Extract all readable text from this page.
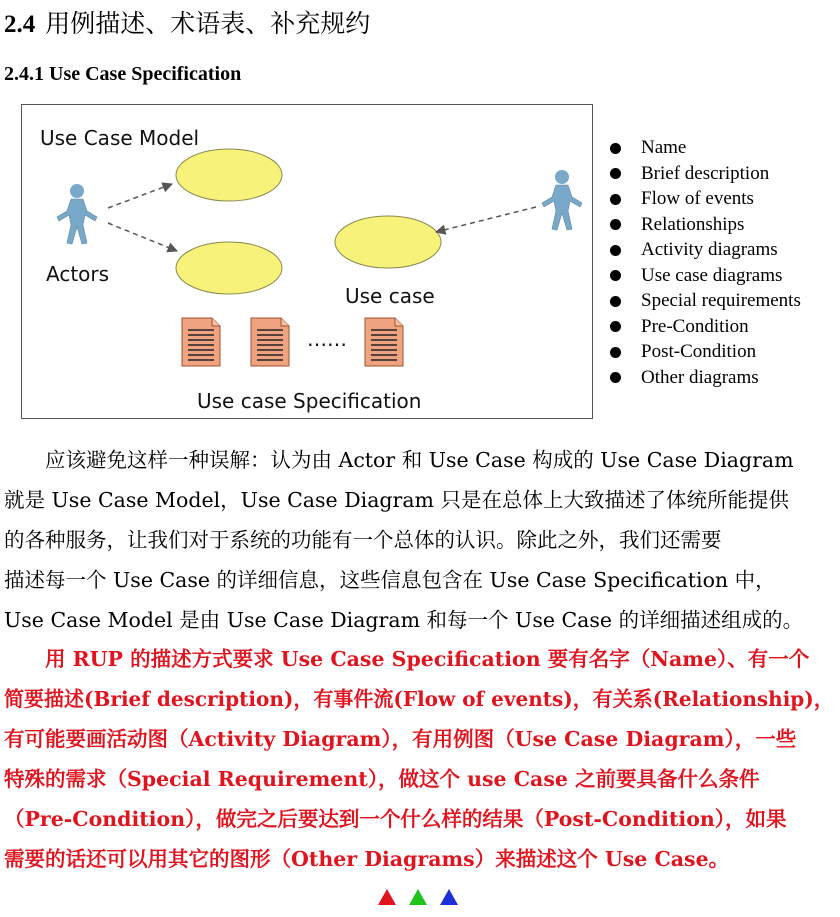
2.4 用例描述、术语表、补充规约
2.4.1 Use Case Specification
Use Case Model
Actors
Use case
……
Use case Specification
Name
Brief description
Flow of events
Relationships
Activity diagrams
Use case diagrams
Special requirements
Pre-Condition
Post-Condition
Other diagrams
　　应该避免这样一种误解：认为由 Actor 和 Use Case 构成的 Use Case Diagram
就是 Use Case Model，Use Case Diagram 只是在总体上大致描述了体统所能提供
的各种服务，让我们对于系统的功能有一个总体的认识。除此之外，我们还需要
描述每一个 Use Case 的详细信息，这些信息包含在 Use Case Specification 中，
Use Case Model 是由 Use Case Diagram 和每一个 Use Case 的详细描述组成的。
　　用 RUP 的描述方式要求 Use Case Specification 要有名字（Name）、有一个
简要描述(Brief description)，有事件流(Flow of events)，有关系(Relationship)，
有可能要画活动图（Activity Diagram），有用例图（Use Case Diagram），一些
特殊的需求（Special Requirement），做这个 use Case 之前要具备什么条件
（Pre-Condition），做完之后要达到一个什么样的结果（Post-Condition），如果
需要的话还可以用其它的图形（Other Diagrams）来描述这个 Use Case。
